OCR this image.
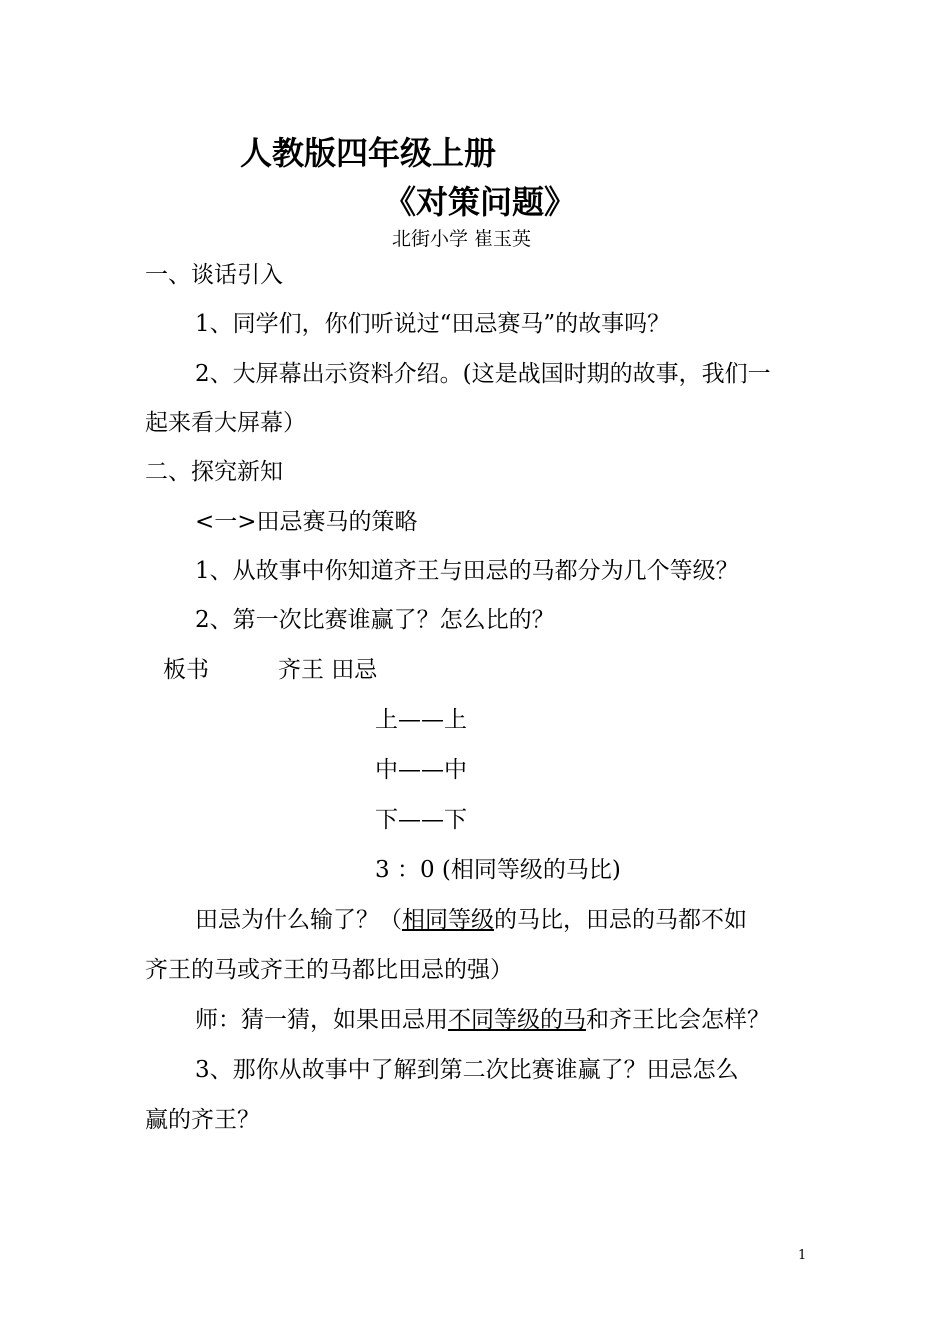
人教版四年级上册
《对策问题》
北街小学 崔玉英
一、谈话引入
1、同学们，你们听说过“田忌赛马”的故事吗？
2、大屏幕出示资料介绍。(这是战国时期的故事，我们一
起来看大屏幕）
二、探究新知
<一>田忌赛马的策略
1、从故事中你知道齐王与田忌的马都分为几个等级？
2、第一次比赛谁赢了？怎么比的？
板书	齐王 田忌
上——上
中——中
下——下
3 ：0 (相同等级的马比)
田忌为什么输了？（相同等级的马比，田忌的马都不如
齐王的马或齐王的马都比田忌的强）
师：猜一猜，如果田忌用不同等级的马和齐王比会怎样？
3、那你从故事中了解到第二次比赛谁赢了？田忌怎么
赢的齐王？
1
